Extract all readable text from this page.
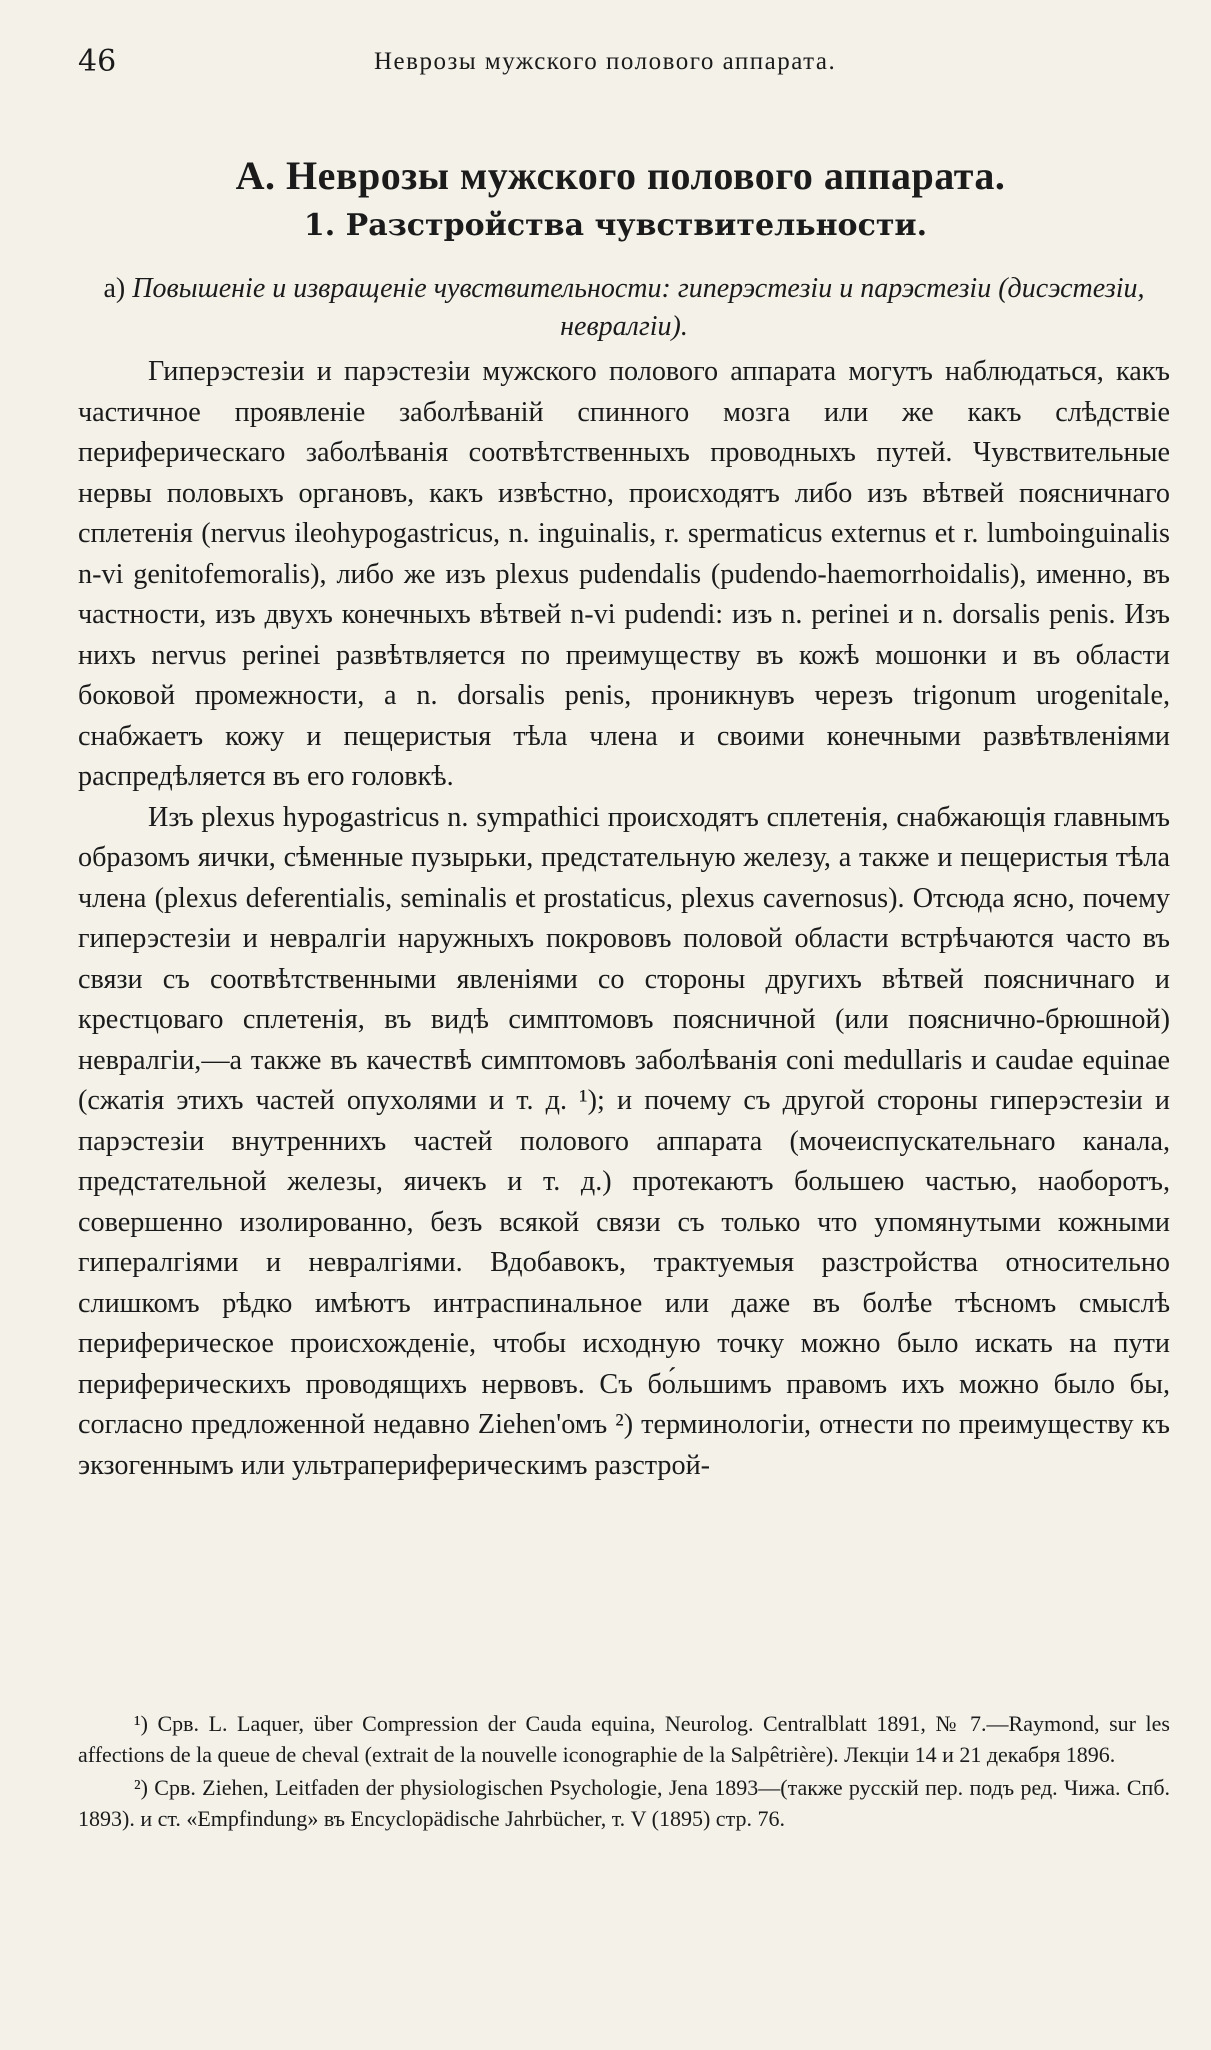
46	Неврозы мужского полового аппарата.
А. Неврозы мужского полового аппарата.
1. Разстройства чувствительности.
а) Повышеніе и извращеніе чувствительности: гиперэстезіи и парэстезіи (дисэстезіи, невралгіи).

Гиперэстезіи и парэстезіи мужского полового аппарата могутъ наблюдаться, какъ частичное проявленіе заболѣваній спинного мозга или же какъ слѣдствіе периферическаго заболѣванія соотвѣтственныхъ проводныхъ путей. Чувствительные нервы половыхъ органовъ, какъ извѣстно, происходятъ либо изъ вѣтвей поясничнаго сплетенія (nervus ileohypogastricus, n. inguinalis, r. spermaticus externus et r. lumboinguinalis n-vi genitofemoralis), либо же изъ plexus pudendalis (pudendo-haemorrhoidalis), именно, въ частности, изъ двухъ конечныхъ вѣтвей n-vi pudendi: изъ n. perinei и n. dorsalis penis. Изъ нихъ nervus perinei развѣтвляется по преимуществу въ кожѣ мошонки и въ области боковой промежности, а n. dorsalis penis, проникнувъ черезъ trigonum urogenitale, снабжаетъ кожу и пещеристыя тѣла члена и своими конечными развѣтвленіями распредѣляется въ его головкѣ.

Изъ plexus hypogastricus n. sympathici происходятъ сплетенія, снабжающія главнымъ образомъ яички, сѣменные пузырьки, предстательную железу, а также и пещеристыя тѣла члена (plexus deferentialis, seminalis et prostaticus, plexus cavernosus). Отсюда ясно, почему гиперэстезіи и невралгіи наружныхъ покрововъ половой области встрѣчаются часто въ связи съ соотвѣтственными явленіями со стороны другихъ вѣтвей поясничнаго и крестцоваго сплетенія, въ видѣ симптомовъ поясничной (или пояснично-брюшной) невралгіи,—а также въ качествѣ симптомовъ заболѣванія coni medullaris и caudae equinae (сжатія этихъ частей опухолями и т. д. ¹); и почему съ другой стороны гиперэстезіи и парэстезіи внутреннихъ частей полового аппарата (мочеиспускательнаго канала, предстательной железы, яичекъ и т. д.) протекаютъ большею частью, наоборотъ, совершенно изолированно, безъ всякой связи съ только что упомянутыми кожными гипералгіями и невралгіями. Вдобавокъ, трактуемыя разстройства относительно слишкомъ рѣдко имѣютъ интраспинальное или даже въ болѣе тѣсномъ смыслѣ периферическое происхожденіе, чтобы исходную точку можно было искать на пути периферическихъ проводящихъ нервовъ. Съ бо́льшимъ правомъ ихъ можно было бы, согласно предложенной недавно Ziehen'омъ ²) терминологіи, отнести по преимуществу къ экзогеннымъ или ультрапериферическимъ разстрой-

¹) Срв. L. Laquer, über Compression der Cauda equina, Neurolog. Centralblatt 1891, № 7.—Raymond, sur les affections de la queue de cheval (extrait de la nouvelle iconographie de la Salpêtrière). Лекціи 14 и 21 декабря 1896.

²) Срв. Ziehen, Leitfaden der physiologischen Psychologie, Jena 1893—(также русскій пер. подъ ред. Чижа. Спб. 1893). и ст. «Empfindung» въ Encyclopädische Jahrbücher, т. V (1895) стр. 76.
